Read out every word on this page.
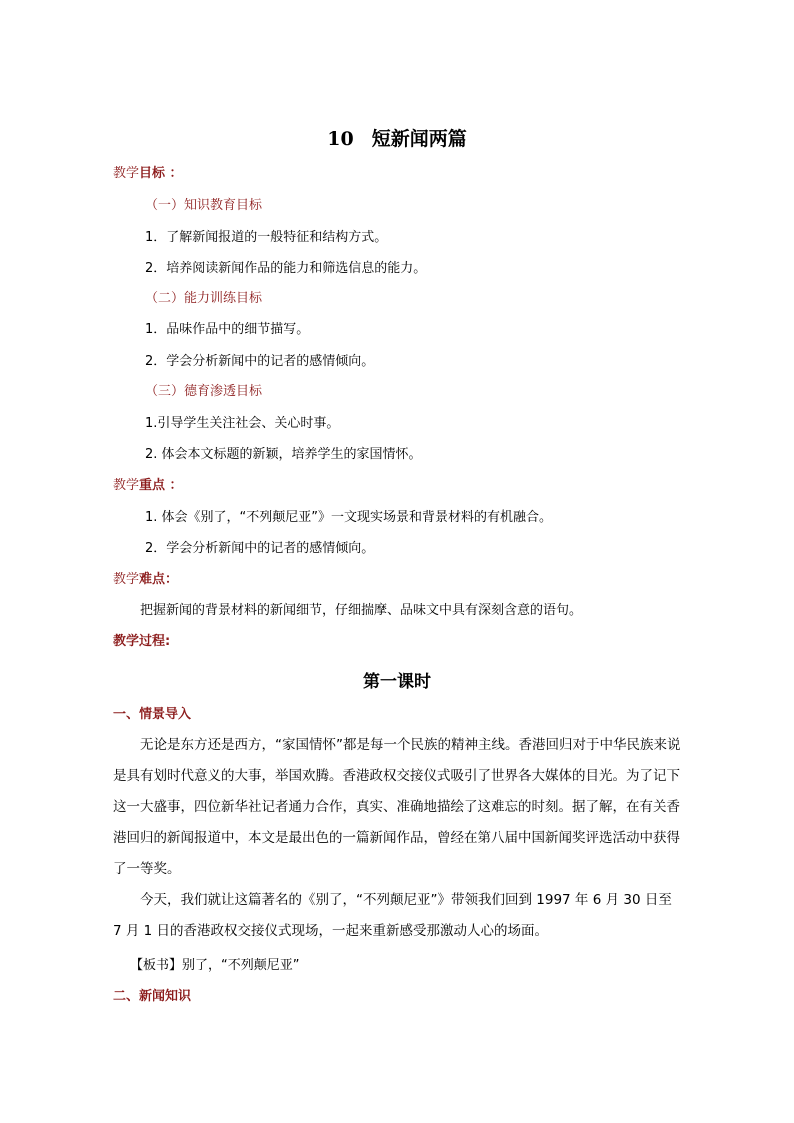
10 短新闻两篇
教学目标 ：
（一）知识教育目标
1．了解新闻报道的一般特征和结构方式。
2．培养阅读新闻作品的能力和筛选信息的能力。
（二）能力训练目标
1．品味作品中的细节描写。
2．学会分析新闻中的记者的感情倾向。
（三）德育渗透目标
1.引导学生关注社会、关心时事。
2. 体会本文标题的新颖，培养学生的家国情怀。
教学重点 ：
1. 体会《别了，“不列颠尼亚”》一文现实场景和背景材料的有机融合。
2．学会分析新闻中的记者的感情倾向。
教学难点：
把握新闻的背景材料的新闻细节，仔细揣摩、品味文中具有深刻含意的语句。
教学过程:
第一课时
一、情景导入

无论是东方还是西方，“家国情怀”都是每一个民族的精神主线。香港回归对于中华民族来说是具有划时代意义的大事，举国欢腾。香港政权交接仪式吸引了世界各大媒体的目光。为了记下这一大盛事，四位新华社记者通力合作，真实、准确地描绘了这难忘的时刻。据了解，在有关香港回归的新闻报道中，本文是最出色的一篇新闻作品，曾经在第八届中国新闻奖评选活动中获得了一等奖。

今天，我们就让这篇著名的《别了，“不列颠尼亚”》带领我们回到 1997 年 6 月 30 日至 7 月 1 日的香港政权交接仪式现场，一起来重新感受那激动人心的场面。

【板书】别了，“不列颠尼亚”
二、新闻知识
